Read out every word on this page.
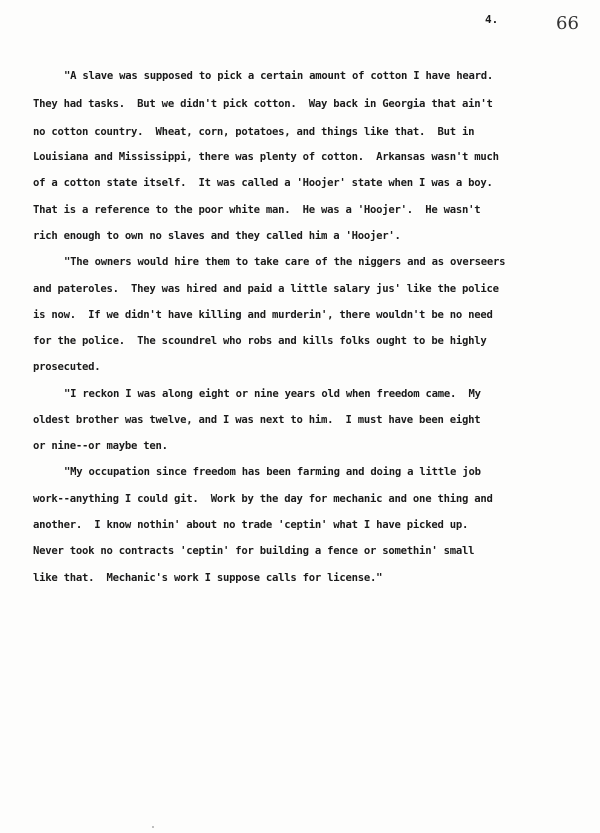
4.	66
"A slave was supposed to pick a certain amount of cotton I have heard.
They had tasks.  But we didn't pick cotton.  Way back in Georgia that ain't
no cotton country.  Wheat, corn, potatoes, and things like that.  But in
Louisiana and Mississippi, there was plenty of cotton.  Arkansas wasn't much
of a cotton state itself.  It was called a 'Hoojer' state when I was a boy.
That is a reference to the poor white man.  He was a 'Hoojer'.  He wasn't
rich enough to own no slaves and they called him a 'Hoojer'.
"The owners would hire them to take care of the niggers and as overseers
and pateroles.  They was hired and paid a little salary jus' like the police
is now.  If we didn't have killing and murderin', there wouldn't be no need
for the police.  The scoundrel who robs and kills folks ought to be highly
prosecuted.
"I reckon I was along eight or nine years old when freedom came.  My
oldest brother was twelve, and I was next to him.  I must have been eight
or nine--or maybe ten.
"My occupation since freedom has been farming and doing a little job
work--anything I could git.  Work by the day for mechanic and one thing and
another.  I know nothin' about no trade 'ceptin' what I have picked up.
Never took no contracts 'ceptin' for building a fence or somethin' small
like that.  Mechanic's work I suppose calls for license."
